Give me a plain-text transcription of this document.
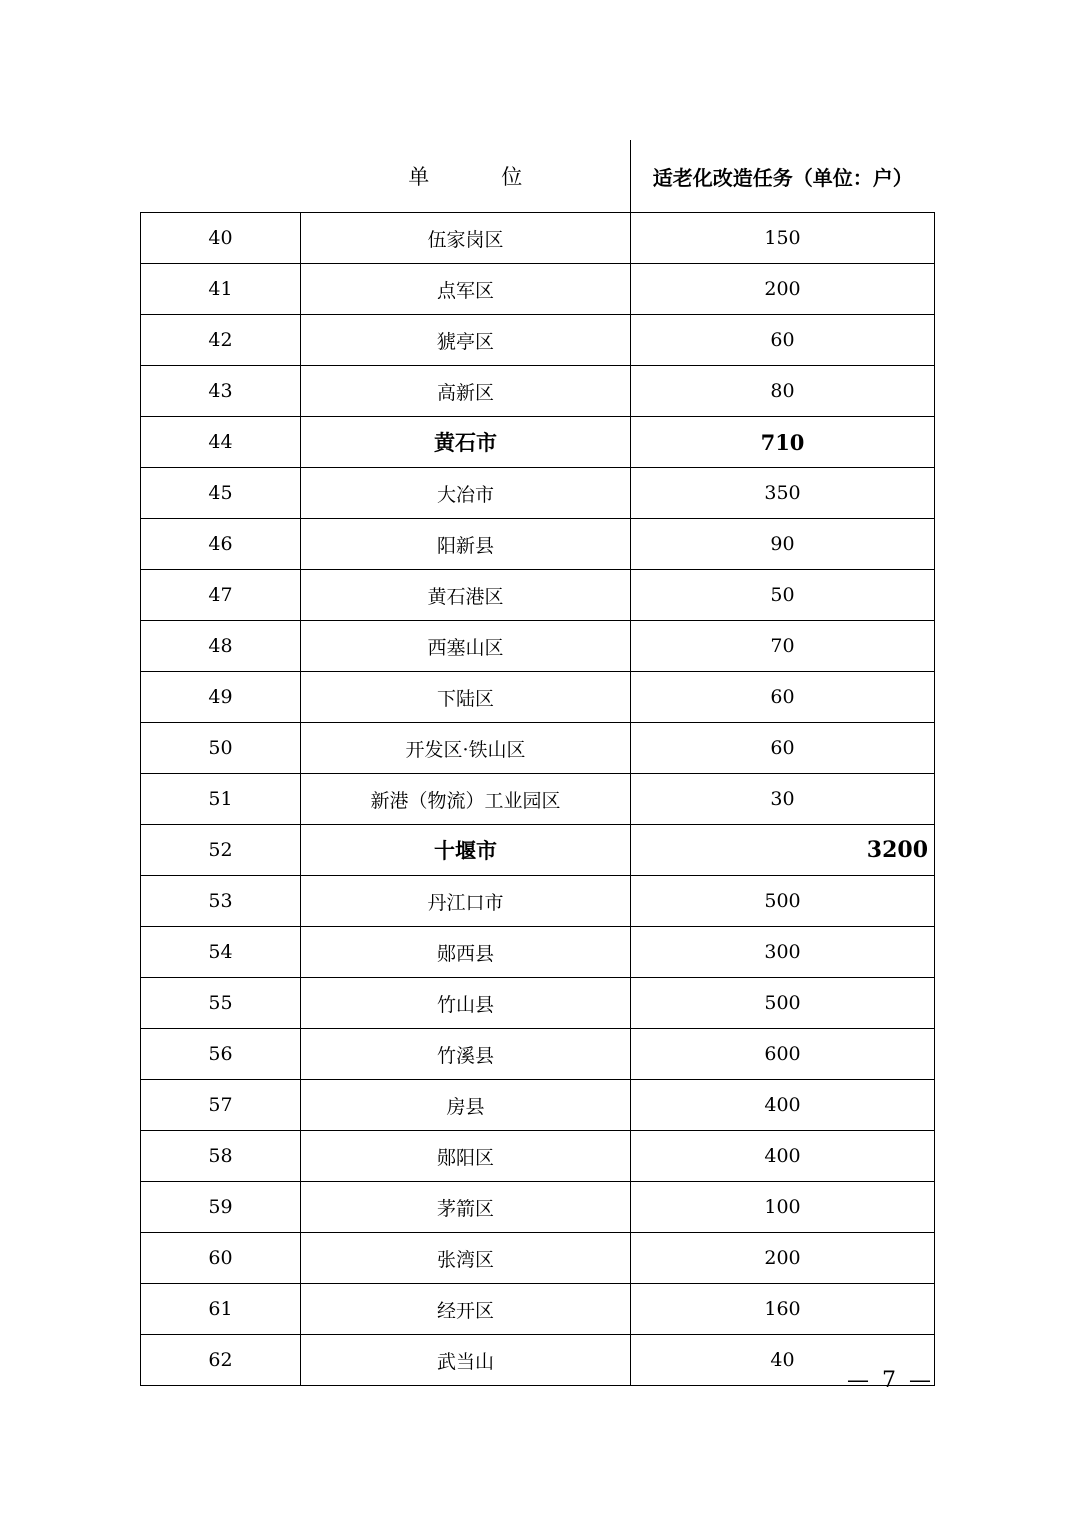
	单　　位	适老化改造任务（单位：户）
40	伍家岗区	150
41	点军区	200
42	猇亭区	60
43	高新区	80
44	黄石市	710
45	大冶市	350
46	阳新县	90
47	黄石港区	50
48	西塞山区	70
49	下陆区	60
50	开发区·铁山区	60
51	新港（物流）工业园区	30
52	十堰市	3200
53	丹江口市	500
54	郧西县	300
55	竹山县	500
56	竹溪县	600
57	房县	400
58	郧阳区	400
59	茅箭区	100
60	张湾区	200
61	经开区	160
62	武当山	40
— 7 —
